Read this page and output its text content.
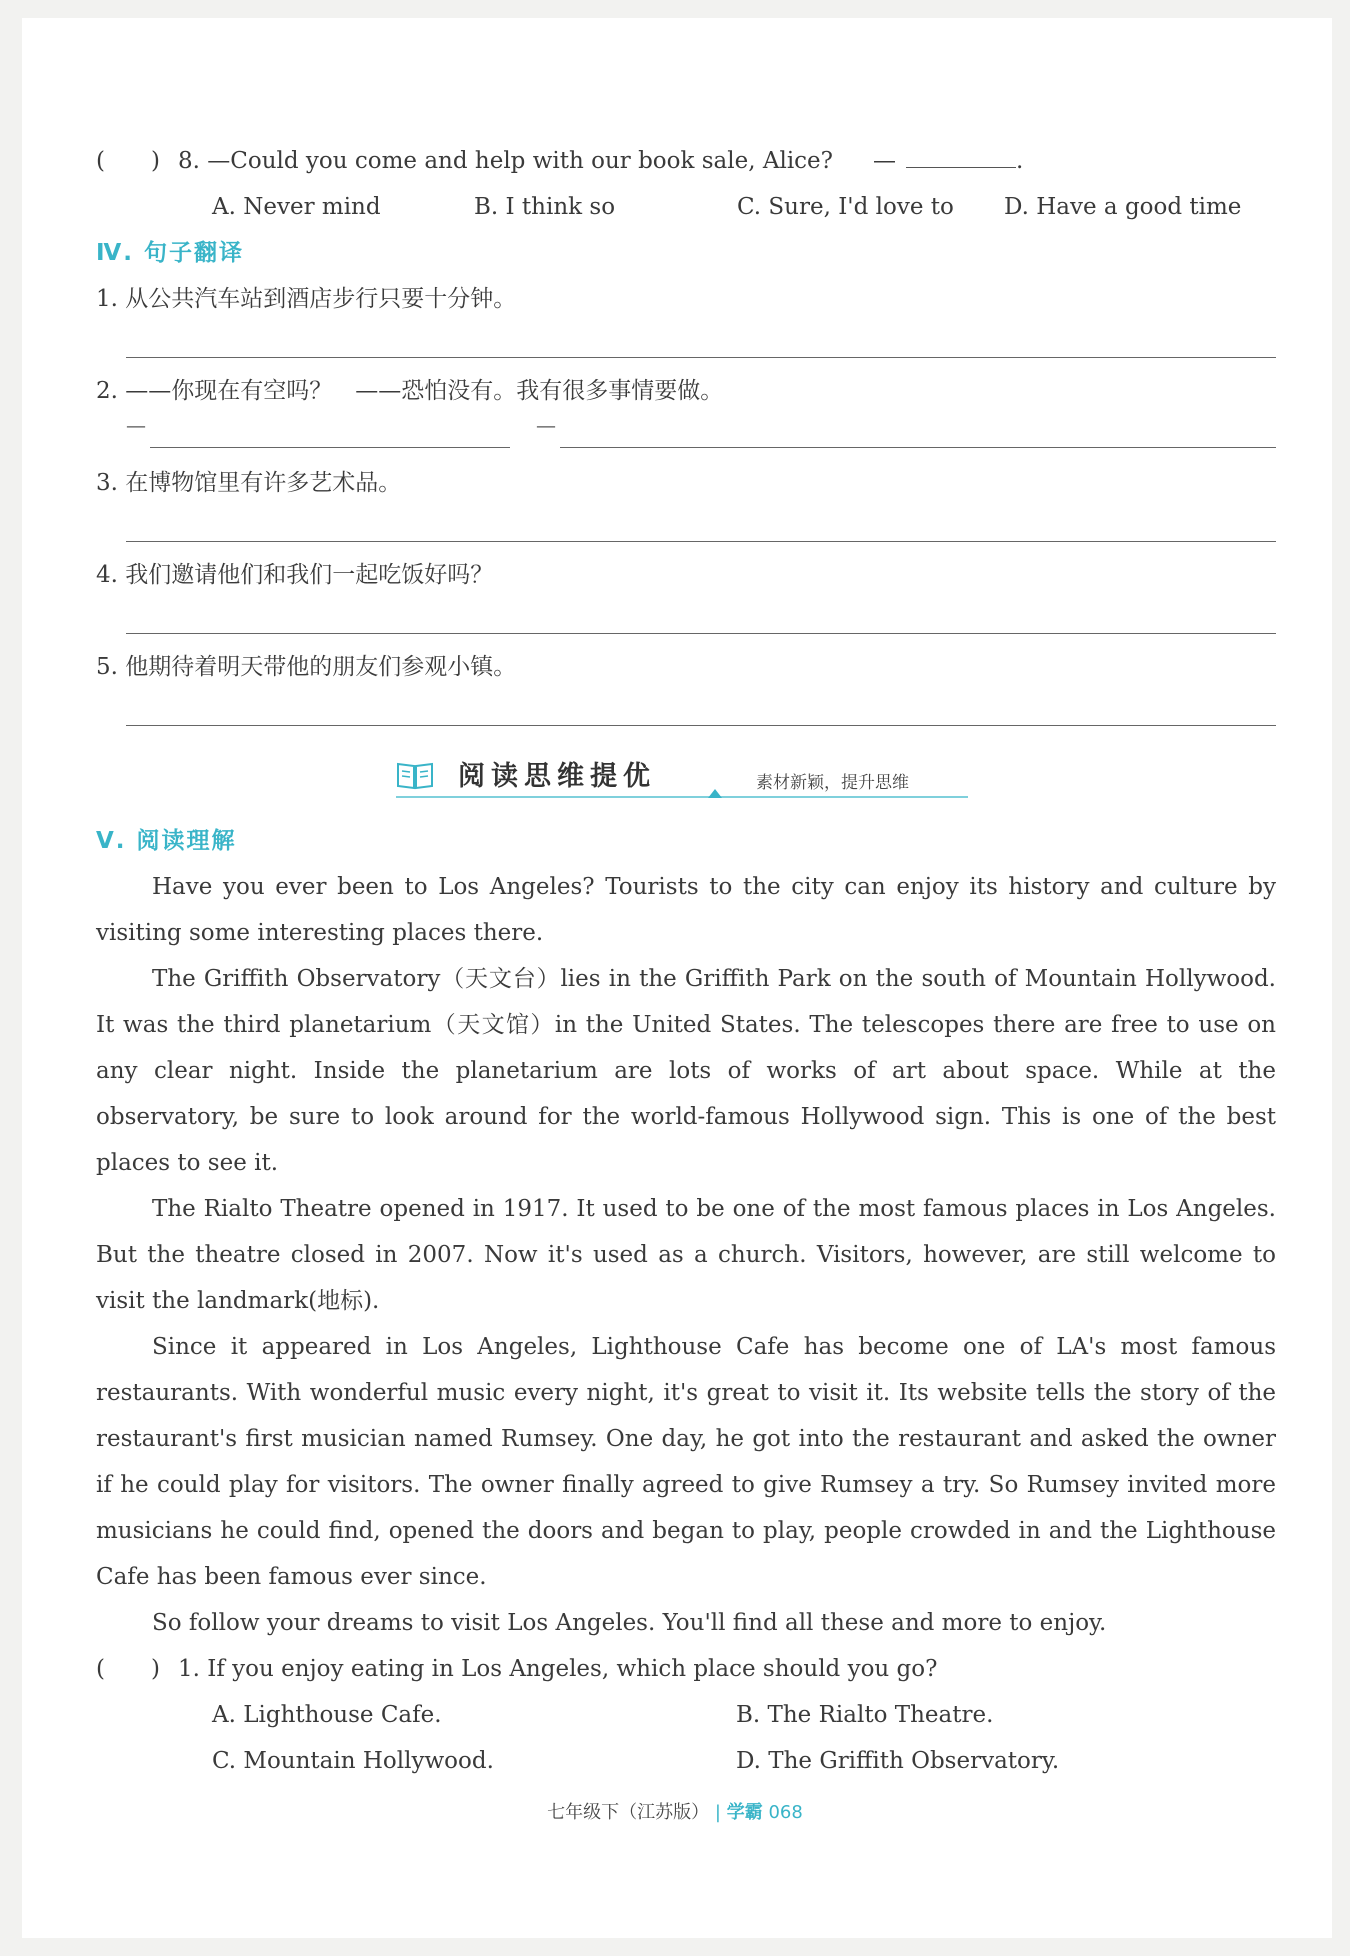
(　　) 8. —Could you come and help with our book sale, Alice? —	.
A. Never mind	B. I think so	C. Sure, I'd love to	D. Have a good time
Ⅳ. 句子翻译
1. 从公共汽车站到酒店步行只要十分钟。
2. ——你现在有空吗？　——恐怕没有。我有很多事情要做。
—	—
3. 在博物馆里有许多艺术品。
4. 我们邀请他们和我们一起吃饭好吗？
5. 他期待着明天带他的朋友们参观小镇。
阅读思维提优	素材新颖，提升思维
Ⅴ. 阅读理解

Have you ever been to Los Angeles? Tourists to the city can enjoy its history and culture by visiting some interesting places there.

The Griffith Observatory（天文台）lies in the Griffith Park on the south of Mountain Hollywood. It was the third planetarium（天文馆）in the United States. The telescopes there are free to use on any clear night. Inside the planetarium are lots of works of art about space. While at the observatory, be sure to look around for the world-famous Hollywood sign. This is one of the best places to see it.

The Rialto Theatre opened in 1917. It used to be one of the most famous places in Los Angeles. But the theatre closed in 2007. Now it's used as a church. Visitors, however, are still welcome to visit the landmark(地标).

Since it appeared in Los Angeles, Lighthouse Cafe has become one of LA's most famous restaurants. With wonderful music every night, it's great to visit it. Its website tells the story of the restaurant's first musician named Rumsey. One day, he got into the restaurant and asked the owner if he could play for visitors. The owner finally agreed to give Rumsey a try. So Rumsey invited more musicians he could find, opened the doors and began to play, people crowded in and the Lighthouse Cafe has been famous ever since.

So follow your dreams to visit Los Angeles. You'll find all these and more to enjoy.

(　　) 1. If you enjoy eating in Los Angeles, which place should you go?
A. Lighthouse Cafe.	B. The Rialto Theatre.
C. Mountain Hollywood.	D. The Griffith Observatory.
七年级下（江苏版） | 学霸 068
